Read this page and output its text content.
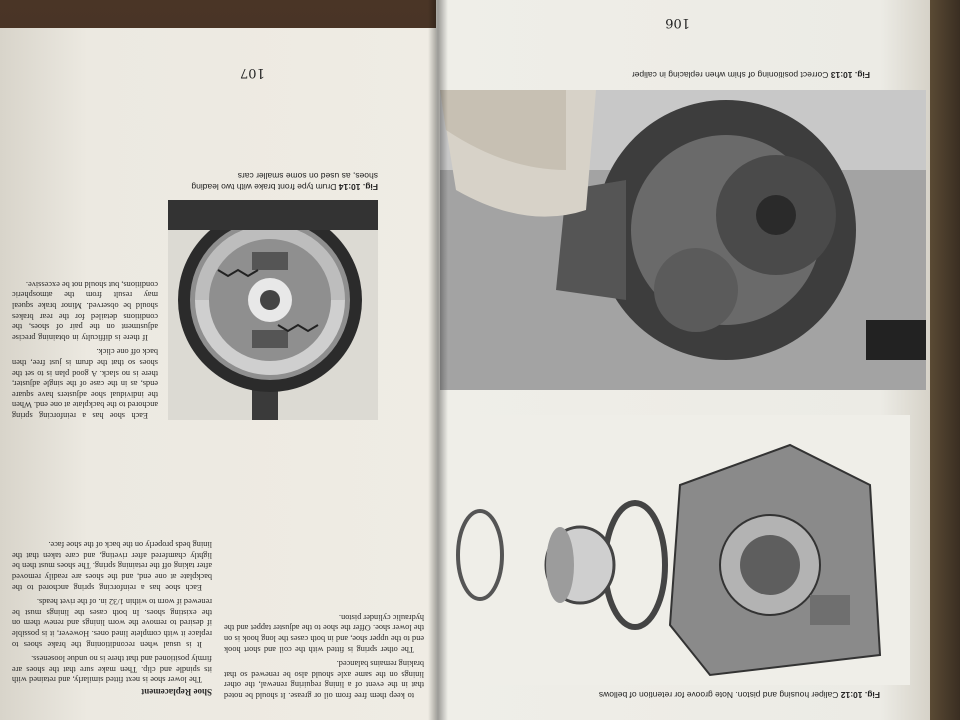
107
Fig. 10:14 Drum type front brake with two leading shoes, as used on some smaller cars

to keep them free from oil or grease. It should be noted that in the event of a lining requiring renewal, the other linings on the same axle should also be renewed so that braking remains balanced.

The other spring is fitted with the coil and short hook end to the upper shoe, and in both cases the long hook is on the lower shoe. Offer the shoe to the adjuster tappet and the hydraulic cylinder piston.

Shoe Replacement

The lower shoe is next fitted similarly, and retained with its spindle and clip. Then make sure that the shoes are firmly positioned and that there is no undue looseness.

It is usual when reconditioning the brake shoes to replace it with complete lined ones. However, it is possible if desired to remove the worn linings and renew them on the existing shoes. In both cases the linings must be renewed if worn to within 1/32 in. of the rivet heads.

Each shoe has a reinforcing spring anchored to the backplate at one end, and the shoes are readily removed after taking off the retaining spring. The shoes must then be lightly chamfered after riveting, and care taken that the lining beds properly on the back of the shoe face.

Each shoe has a reinforcing spring anchored to the backplate at one end. When the individual shoe adjusters have square ends, as in the case of the single adjuster, there is no slack. A good plan is to set the shoes so that the drum is just free, then back off one click.

If there is difficulty in obtaining precise adjustment on the pair of shoes, the conditions detailed for the rear brakes should be observed. Minor brake squeal may result from the atmospheric conditions, but should not be excessive.

106
Fig. 10:12 Caliper housing and piston. Note groove for retention of bellows
Fig. 10:13 Correct positioning of shim when replacing in caliper
